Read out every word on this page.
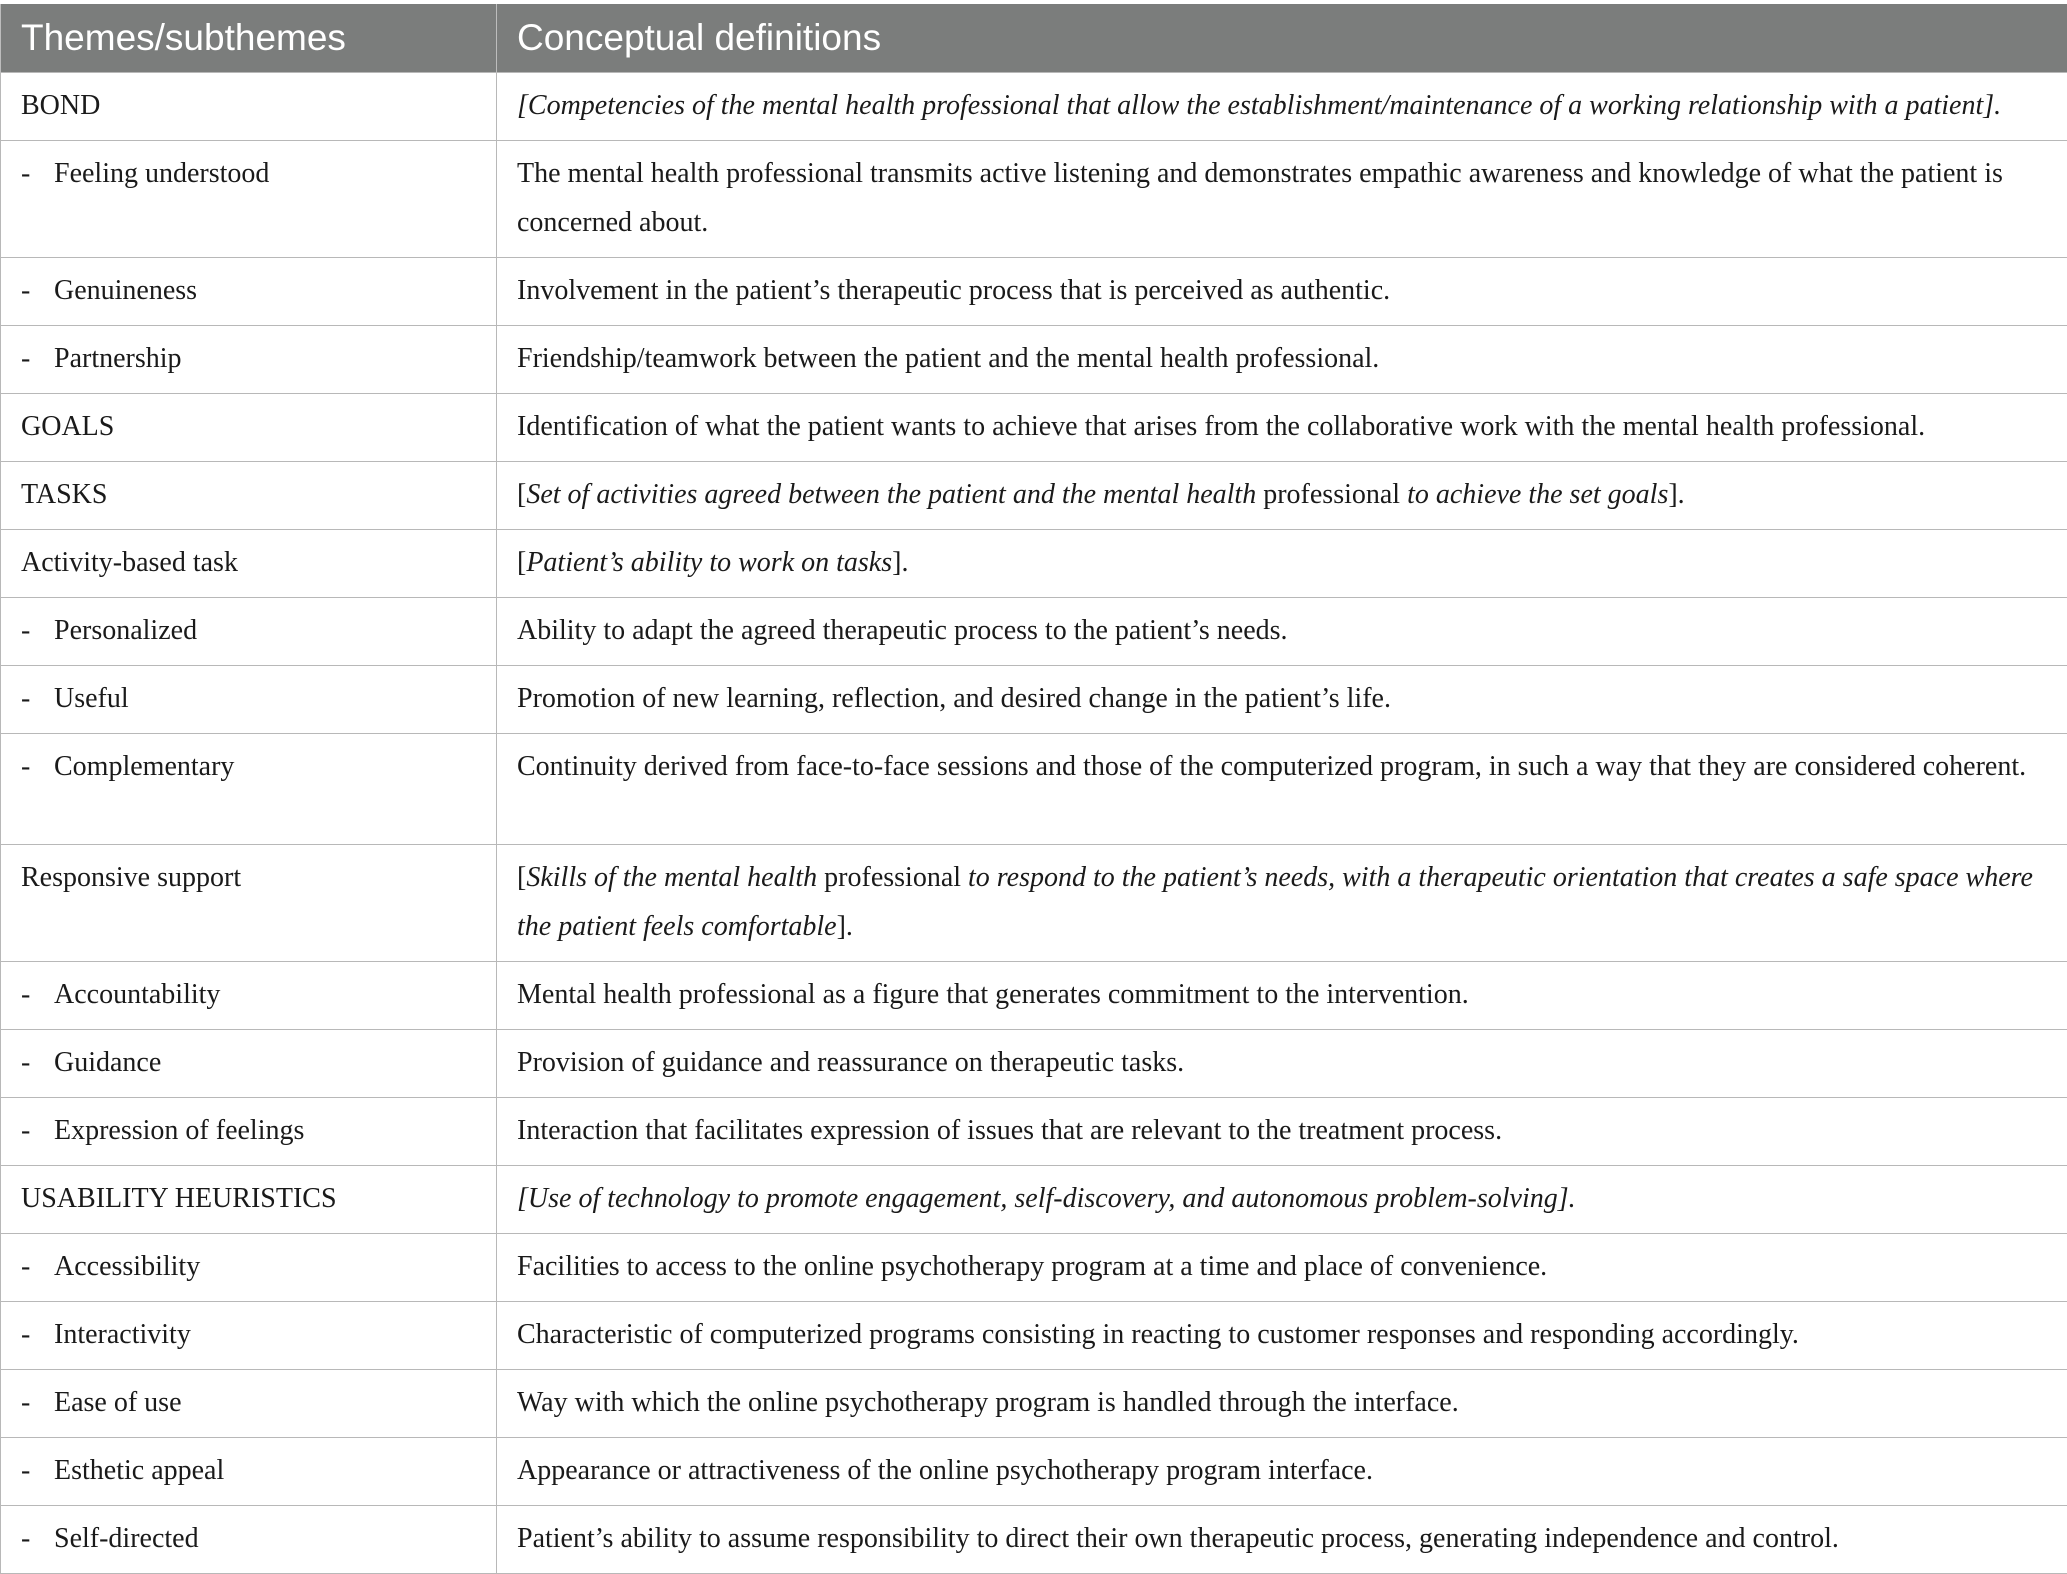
Themes/subthemes	Conceptual definitions
BOND	[Competencies of the mental health professional that allow the establishment/maintenance of a working relationship with a patient].
- Feeling understood	The mental health professional transmits active listening and demonstrates empathic awareness and knowledge of what the patient is concerned about.
- Genuineness	Involvement in the patient’s therapeutic process that is perceived as authentic.
- Partnership	Friendship/teamwork between the patient and the mental health professional.
GOALS	Identification of what the patient wants to achieve that arises from the collaborative work with the mental health professional.
TASKS	[Set of activities agreed between the patient and the mental health professional to achieve the set goals].
Activity-based task	[Patient’s ability to work on tasks].
- Personalized	Ability to adapt the agreed therapeutic process to the patient’s needs.
- Useful	Promotion of new learning, reflection, and desired change in the patient’s life.
- Complementary	Continuity derived from face-to-face sessions and those of the computerized program, in such a way that they are considered coherent.
Responsive support	[Skills of the mental health professional to respond to the patient’s needs, with a therapeutic orientation that creates a safe space where the patient feels comfortable].
- Accountability	Mental health professional as a figure that generates commitment to the intervention.
- Guidance	Provision of guidance and reassurance on therapeutic tasks.
- Expression of feelings	Interaction that facilitates expression of issues that are relevant to the treatment process.
USABILITY HEURISTICS	[Use of technology to promote engagement, self-discovery, and autonomous problem-solving].
- Accessibility	Facilities to access to the online psychotherapy program at a time and place of convenience.
- Interactivity	Characteristic of computerized programs consisting in reacting to customer responses and responding accordingly.
- Ease of use	Way with which the online psychotherapy program is handled through the interface.
- Esthetic appeal	Appearance or attractiveness of the online psychotherapy program interface.
- Self-directed	Patient’s ability to assume responsibility to direct their own therapeutic process, generating independence and control.
